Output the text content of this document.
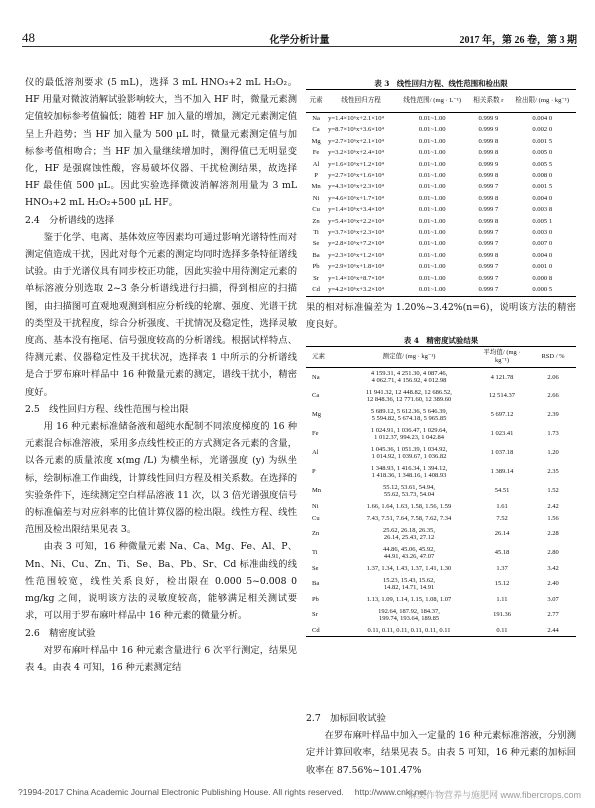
48	化学分析计量	2017 年，第 26 卷，第 3 期

仪的最低溶剂要求 (5 mL)，选择 3 mL HNO₃+2 mL H₂O₂。HF 用量对微波消解试验影响较大，当不加入 HF 时，微量元素测定值较加标参考值偏低；随着 HF 加入量的增加，测定元素测定值呈上升趋势；当 HF 加入量为 500 μL 时，微量元素测定值与加标参考值相吻合；当 HF 加入量继续增加时，测得值已无明显变化，HF 是强腐蚀性酸，容易破坏仪器、干扰检测结果，故选择 HF 最佳值 500 μL。因此实验选择微波消解溶剂用量为 3 mL HNO₃+2 mL H₂O₂+500 μL HF。

2.4　分析谱线的选择

鉴于化学、电离、基体效应等因素均可通过影响光谱特性而对测定值造成干扰，因此对每个元素的测定均同时选择多条特征谱线试验。由于光谱仪具有同步校正功能，因此实验中用待测定元素的单标溶液分别选取 2~3 条分析谱线进行扫描，得到相应的扫描图，由扫描图可直观地观测到相应分析线的轮廓、强度、光谱干扰的类型及干扰程度，综合分析强度、干扰情况及稳定性，选择灵敏度高、基本没有拖尾、信号强度较高的分析谱线。根据试样特点、待测元素、仪器稳定性及干扰状况，选择表 1 中所示的分析谱线是合于罗布麻叶样品中 16 种微量元素的测定，谱线干扰小，精密度好。

2.5　线性回归方程、线性范围与检出限

用 16 种元素标准储备液和超纯水配制不同浓度梯度的 16 种元素混合标准溶液，采用多点线性校正的方式测定各元素的含量，以各元素的质量浓度 x(mg /L) 为横坐标，光谱强度 (y) 为纵坐标，绘制标准工作曲线，计算线性回归方程及相关系数。在选择的实验条件下，连续测定空白样品溶液 11 次，以 3 倍光谱强度信号的标准偏差与对应斜率的比值计算仪器的检出限。线性方程、线性范围及检出限结果见表 3。

由表 3 可知，16 种微量元素 Na、Ca、Mg、Fe、Al、P、Mn、Ni、Cu、Zn、Ti、Se、Ba、Pb、Sr、Cd 标准曲线的线性范围较宽，线性关系良好，检出限在 0.000 5~0.008 0 mg/kg 之间，说明该方法的灵敏度较高，能够满足相关测试要求，可以用于罗布麻叶样品中 16 种元素的微量分析。

2.6　精密度试验

对罗布麻叶样品中 16 种元素含量进行 6 次平行测定，结果见表 4。由表 4 可知，16 种元素测定结

表 3　线性回归方程、线性范围和检出限
元素	线性回归方程	线性范围/ (mg · L⁻¹)	相关系数 r	检出限/ (mg · kg⁻¹)
Na	y=1.4×10⁶x+2.1×10⁴	0.01~1.00	0.999 9	0.004 0
Ca	y=8.7×10⁶x+3.6×10⁴	0.01~1.00	0.999 9	0.002 0
Mg	y=2.7×10⁶x+2.1×10⁴	0.01~1.00	0.999 8	0.001 5
Fe	y=3.2×10⁶x+2.4×10⁴	0.01~1.00	0.999 8	0.005 0
Al	y=1.6×10⁶x+1.2×10⁴	0.01~1.00	0.999 9	0.005 5
P	y=2.7×10⁶x+1.6×10⁴	0.01~1.00	0.999 8	0.008 0
Mn	y=4.3×10⁶x+2.3×10⁴	0.01~1.00	0.999 7	0.001 5
Ni	y=4.6×10⁶x+1.7×10⁴	0.01~1.00	0.999 8	0.004 0
Cu	y=1.4×10⁶x+3.4×10⁴	0.01~1.00	0.999 7	0.003 8
Zn	y=5.4×10⁶x+2.2×10⁴	0.01~1.00	0.999 8	0.005 1
Ti	y=3.7×10⁶x+2.3×10⁴	0.01~1.00	0.999 7	0.003 0
Se	y=2.8×10⁶x+7.2×10⁴	0.01~1.00	0.999 7	0.007 0
Ba	y=2.3×10⁶x+1.2×10⁴	0.01~1.00	0.999 8	0.004 0
Pb	y=2.9×10⁶x+1.8×10⁴	0.01~1.00	0.999 7	0.001 0
Sr	y=1.4×10⁶x+8.7×10⁴	0.01~1.00	0.999 7	0.000 8
Cd	y=4.2×10⁶x+3.2×10⁴	0.01~1.00	0.999 7	0.000 5

果的相对标准偏差为 1.20%~3.42%(n=6)，说明该方法的精密度良好。

表 4　精密度试验结果
元素	测定值/ (mg · kg⁻¹)	平均值/ (mg · kg⁻¹)	RSD / %
Na	4 159.31, 4 251.30, 4 087.46,
4 062.71, 4 156.92, 4 012.98	4 121.78	2.06
Ca	11 941.32, 12 448.82, 12 686.52,
12 848.36, 12 771.60, 12 389.60	12 514.37	2.66
Mg	5 689.12, 5 612.36, 5 646.39,
5 594.82, 5 674.18, 5 965.85	5 697.12	2.39
Fe	1 024.91, 1 036.47, 1 029.64,
1 012.37, 994.23, 1 042.84	1 023.41	1.73
Al	1 045.36, 1 051.39, 1 034.92,
1 014.92, 1 039.67, 1 036.82	1 037.18	1.20
P	1 348.93, 1 416.34, 1 394.12,
1 418.36, 1 348.16, 1 408.93	1 389.14	2.35
Mn	55.12, 53.61, 54.94,
55.62, 53.73, 54.04	54.51	1.52
Ni	1.66, 1.64, 1.63, 1.58, 1.56, 1.59	1.61	2.42
Cu	7.43, 7.51, 7.64, 7.58, 7.62, 7.34	7.52	1.56
Zn	25.62, 26.18, 26.35,
26.14, 25.43, 27.12	26.14	2.28
Ti	44.86, 45.06, 45.92,
44.91, 43.26, 47.07	45.18	2.80
Se	1.37, 1.34, 1.43, 1.37, 1.41, 1.30	1.37	3.42
Ba	15.23, 15.43, 15.62,
14.82, 14.71, 14.91	15.12	2.40
Pb	1.13, 1.09, 1.14, 1.15, 1.08, 1.07	1.11	3.07
Sr	192.64, 187.92, 184.37,
199.74, 193.64, 189.85	191.36	2.77
Cd	0.11, 0.11, 0.11, 0.11, 0.11, 0.11	0.11	2.44
2.7　加标回收试验

在罗布麻叶样品中加入一定量的 16 种元素标准溶液，分别测定并计算回收率，结果见表 5。由表 5 可知，16 种元素的加标回收率在 87.56%~101.47%

?1994-2017 China Academic Journal Electronic Publishing House. All rights reserved.　 http://www.cnki.net
麻类作物营养与施肥网 www.fibercrops.com
